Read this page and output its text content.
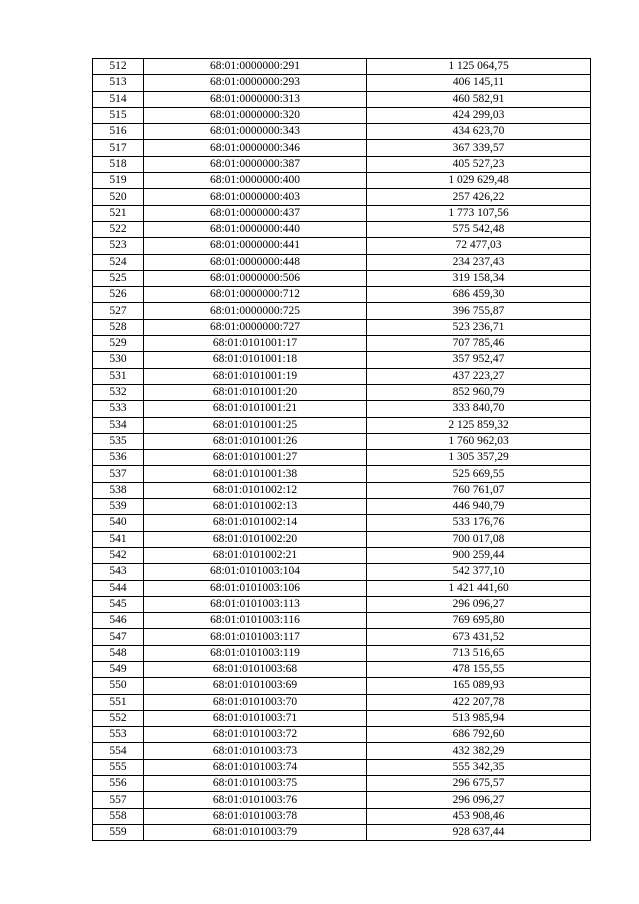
512	68:01:0000000:291	1 125 064,75
513	68:01:0000000:293	406 145,11
514	68:01:0000000:313	460 582,91
515	68:01:0000000:320	424 299,03
516	68:01:0000000:343	434 623,70
517	68:01:0000000:346	367 339,57
518	68:01:0000000:387	405 527,23
519	68:01:0000000:400	1 029 629,48
520	68:01:0000000:403	257 426,22
521	68:01:0000000:437	1 773 107,56
522	68:01:0000000:440	575 542,48
523	68:01:0000000:441	72 477,03
524	68:01:0000000:448	234 237,43
525	68:01:0000000:506	319 158,34
526	68:01:0000000:712	686 459,30
527	68:01:0000000:725	396 755,87
528	68:01:0000000:727	523 236,71
529	68:01:0101001:17	707 785,46
530	68:01:0101001:18	357 952,47
531	68:01:0101001:19	437 223,27
532	68:01:0101001:20	852 960,79
533	68:01:0101001:21	333 840,70
534	68:01:0101001:25	2 125 859,32
535	68:01:0101001:26	1 760 962,03
536	68:01:0101001:27	1 305 357,29
537	68:01:0101001:38	525 669,55
538	68:01:0101002:12	760 761,07
539	68:01:0101002:13	446 940,79
540	68:01:0101002:14	533 176,76
541	68:01:0101002:20	700 017,08
542	68:01:0101002:21	900 259,44
543	68:01:0101003:104	542 377,10
544	68:01:0101003:106	1 421 441,60
545	68:01:0101003:113	296 096,27
546	68:01:0101003:116	769 695,80
547	68:01:0101003:117	673 431,52
548	68:01:0101003:119	713 516,65
549	68:01:0101003:68	478 155,55
550	68:01:0101003:69	165 089,93
551	68:01:0101003:70	422 207,78
552	68:01:0101003:71	513 985,94
553	68:01:0101003:72	686 792,60
554	68:01:0101003:73	432 382,29
555	68:01:0101003:74	555 342,35
556	68:01:0101003:75	296 675,57
557	68:01:0101003:76	296 096,27
558	68:01:0101003:78	453 908,46
559	68:01:0101003:79	928 637,44
